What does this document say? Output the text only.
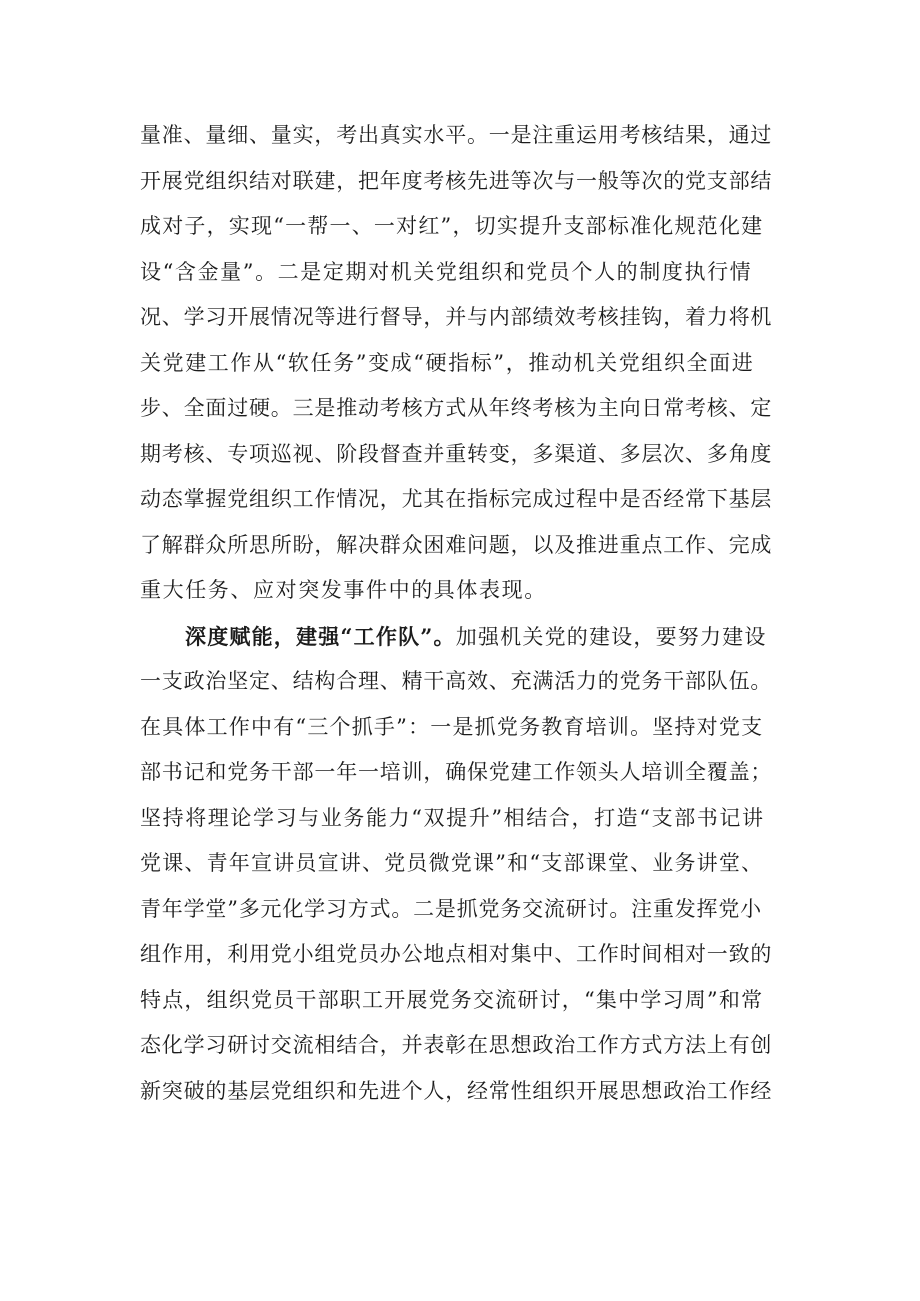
量准、量细、量实，考出真实水平。一是注重运用考核结果，通过
开展党组织结对联建，把年度考核先进等次与一般等次的党支部结
成对子，实现“一帮一、一对红”，切实提升支部标准化规范化建
设“含金量”。二是定期对机关党组织和党员个人的制度执行情
况、学习开展情况等进行督导，并与内部绩效考核挂钩，着力将机
关党建工作从“软任务”变成“硬指标”，推动机关党组织全面进
步、全面过硬。三是推动考核方式从年终考核为主向日常考核、定
期考核、专项巡视、阶段督查并重转变，多渠道、多层次、多角度
动态掌握党组织工作情况，尤其在指标完成过程中是否经常下基层
了解群众所思所盼，解决群众困难问题，以及推进重点工作、完成
重大任务、应对突发事件中的具体表现。
深度赋能，建强“工作队”。加强机关党的建设，要努力建设
一支政治坚定、结构合理、精干高效、充满活力的党务干部队伍。
在具体工作中有“三个抓手”：一是抓党务教育培训。坚持对党支
部书记和党务干部一年一培训，确保党建工作领头人培训全覆盖；
坚持将理论学习与业务能力“双提升”相结合，打造“支部书记讲
党课、青年宣讲员宣讲、党员微党课”和“支部课堂、业务讲堂、
青年学堂”多元化学习方式。二是抓党务交流研讨。注重发挥党小
组作用，利用党小组党员办公地点相对集中、工作时间相对一致的
特点，组织党员干部职工开展党务交流研讨，“集中学习周”和常
态化学习研讨交流相结合，并表彰在思想政治工作方式方法上有创
新突破的基层党组织和先进个人，经常性组织开展思想政治工作经
